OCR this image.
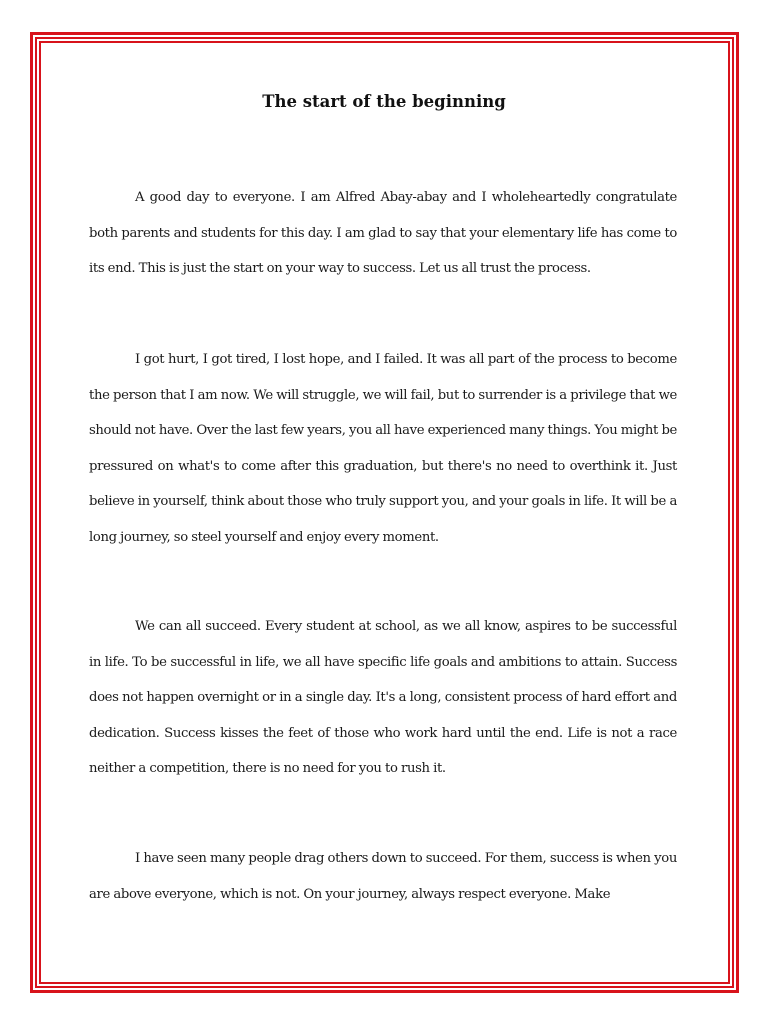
The start of the beginning

A good day to everyone. I am Alfred Abay-abay and I wholeheartedly congratulate both parents and students for this day. I am glad to say that your elementary life has come to its end. This is just the start on your way to success. Let us all trust the process.

I got hurt, I got tired, I lost hope, and I failed. It was all part of the process to become the person that I am now. We will struggle, we will fail, but to surrender is a privilege that we should not have. Over the last few years, you all have experienced many things. You might be pressured on what's to come after this graduation, but there's no need to overthink it. Just believe in yourself, think about those who truly support you, and your goals in life. It will be a long journey, so steel yourself and enjoy every moment.

We can all succeed. Every student at school, as we all know, aspires to be successful in life. To be successful in life, we all have specific life goals and ambitions to attain. Success does not happen overnight or in a single day. It's a long, consistent process of hard effort and dedication. Success kisses the feet of those who work hard until the end. Life is not a race neither a competition, there is no need for you to rush it.

I have seen many people drag others down to succeed. For them, success is when you are above everyone, which is not. On your journey, always respect everyone. Make
